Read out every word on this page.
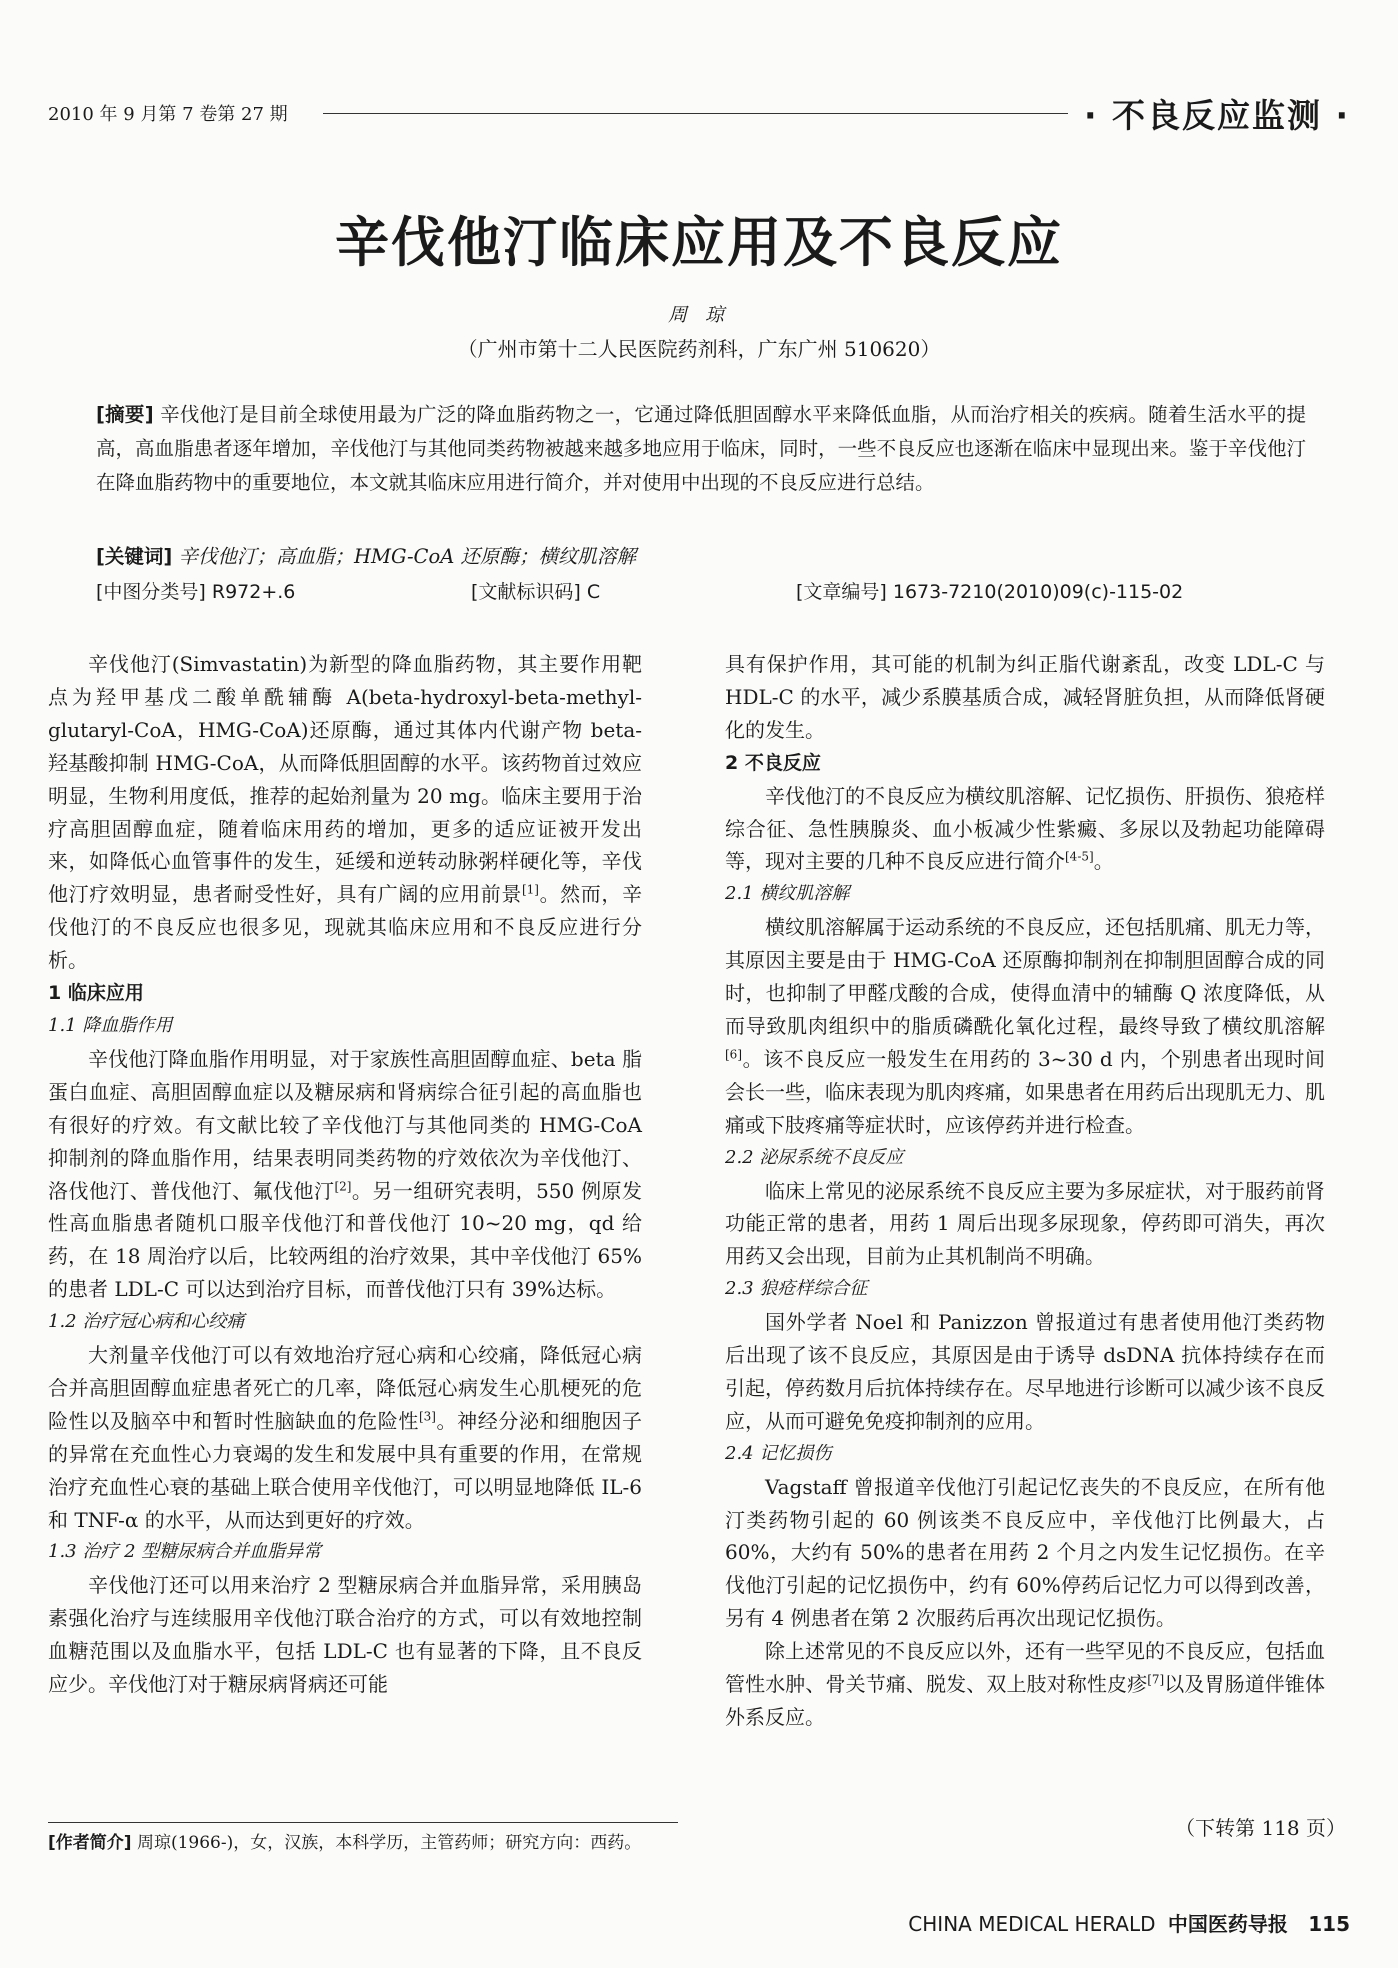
2010 年 9 月第 7 卷第 27 期	· 不良反应监测 ·
辛伐他汀临床应用及不良反应
周 琼
（广州市第十二人民医院药剂科，广东广州 510620）

[摘要] 辛伐他汀是目前全球使用最为广泛的降血脂药物之一，它通过降低胆固醇水平来降低血脂，从而治疗相关的疾病。随着生活水平的提高，高血脂患者逐年增加，辛伐他汀与其他同类药物被越来越多地应用于临床，同时，一些不良反应也逐渐在临床中显现出来。鉴于辛伐他汀在降血脂药物中的重要地位，本文就其临床应用进行简介，并对使用中出现的不良反应进行总结。

[关键词] 辛伐他汀；高血脂；HMG-CoA 还原酶；横纹肌溶解
[中图分类号] R972+.6	[文献标识码] C	[文章编号] 1673-7210(2010)09(c)-115-02

辛伐他汀(Simvastatin)为新型的降血脂药物，其主要作用靶点为羟甲基戊二酸单酰辅酶 A(beta-hydroxyl-beta-methyl-glutaryl-CoA，HMG-CoA)还原酶，通过其体内代谢产物 beta-羟基酸抑制 HMG-CoA，从而降低胆固醇的水平。该药物首过效应明显，生物利用度低，推荐的起始剂量为 20 mg。临床主要用于治疗高胆固醇血症，随着临床用药的增加，更多的适应证被开发出来，如降低心血管事件的发生，延缓和逆转动脉粥样硬化等，辛伐他汀疗效明显，患者耐受性好，具有广阔的应用前景[1]。然而，辛伐他汀的不良反应也很多见，现就其临床应用和不良反应进行分析。

1 临床应用
1.1 降血脂作用

辛伐他汀降血脂作用明显，对于家族性高胆固醇血症、beta 脂蛋白血症、高胆固醇血症以及糖尿病和肾病综合征引起的高血脂也有很好的疗效。有文献比较了辛伐他汀与其他同类的 HMG-CoA 抑制剂的降血脂作用，结果表明同类药物的疗效依次为辛伐他汀、洛伐他汀、普伐他汀、氟伐他汀[2]。另一组研究表明，550 例原发性高血脂患者随机口服辛伐他汀和普伐他汀 10~20 mg，qd 给药，在 18 周治疗以后，比较两组的治疗效果，其中辛伐他汀 65%的患者 LDL-C 可以达到治疗目标，而普伐他汀只有 39%达标。

1.2 治疗冠心病和心绞痛

大剂量辛伐他汀可以有效地治疗冠心病和心绞痛，降低冠心病合并高胆固醇血症患者死亡的几率，降低冠心病发生心肌梗死的危险性以及脑卒中和暂时性脑缺血的危险性[3]。神经分泌和细胞因子的异常在充血性心力衰竭的发生和发展中具有重要的作用，在常规治疗充血性心衰的基础上联合使用辛伐他汀，可以明显地降低 IL-6 和 TNF-α 的水平，从而达到更好的疗效。

1.3 治疗 2 型糖尿病合并血脂异常

辛伐他汀还可以用来治疗 2 型糖尿病合并血脂异常，采用胰岛素强化治疗与连续服用辛伐他汀联合治疗的方式，可以有效地控制血糖范围以及血脂水平，包括 LDL-C 也有显著的下降，且不良反应少。辛伐他汀对于糖尿病肾病还可能

具有保护作用，其可能的机制为纠正脂代谢紊乱，改变 LDL-C 与 HDL-C 的水平，减少系膜基质合成，减轻肾脏负担，从而降低肾硬化的发生。

2 不良反应

辛伐他汀的不良反应为横纹肌溶解、记忆损伤、肝损伤、狼疮样综合征、急性胰腺炎、血小板减少性紫癜、多尿以及勃起功能障碍等，现对主要的几种不良反应进行简介[4-5]。

2.1 横纹肌溶解

横纹肌溶解属于运动系统的不良反应，还包括肌痛、肌无力等，其原因主要是由于 HMG-CoA 还原酶抑制剂在抑制胆固醇合成的同时，也抑制了甲醛戊酸的合成，使得血清中的辅酶 Q 浓度降低，从而导致肌肉组织中的脂质磷酰化氧化过程，最终导致了横纹肌溶解[6]。该不良反应一般发生在用药的 3~30 d 内，个别患者出现时间会长一些，临床表现为肌肉疼痛，如果患者在用药后出现肌无力、肌痛或下肢疼痛等症状时，应该停药并进行检查。

2.2 泌尿系统不良反应

临床上常见的泌尿系统不良反应主要为多尿症状，对于服药前肾功能正常的患者，用药 1 周后出现多尿现象，停药即可消失，再次用药又会出现，目前为止其机制尚不明确。

2.3 狼疮样综合征

国外学者 Noel 和 Panizzon 曾报道过有患者使用他汀类药物后出现了该不良反应，其原因是由于诱导 dsDNA 抗体持续存在而引起，停药数月后抗体持续存在。尽早地进行诊断可以减少该不良反应，从而可避免免疫抑制剂的应用。

2.4 记忆损伤

Vagstaff 曾报道辛伐他汀引起记忆丧失的不良反应，在所有他汀类药物引起的 60 例该类不良反应中，辛伐他汀比例最大，占 60%，大约有 50%的患者在用药 2 个月之内发生记忆损伤。在辛伐他汀引起的记忆损伤中，约有 60%停药后记忆力可以得到改善，另有 4 例患者在第 2 次服药后再次出现记忆损伤。

除上述常见的不良反应以外，还有一些罕见的不良反应，包括血管性水肿、骨关节痛、脱发、双上肢对称性皮疹[7]以及胃肠道伴锥体外系反应。

（下转第 118 页）
[作者简介] 周琼(1966-)，女，汉族，本科学历，主管药师；研究方向：西药。
CHINA MEDICAL HERALD 中国医药导报 115
